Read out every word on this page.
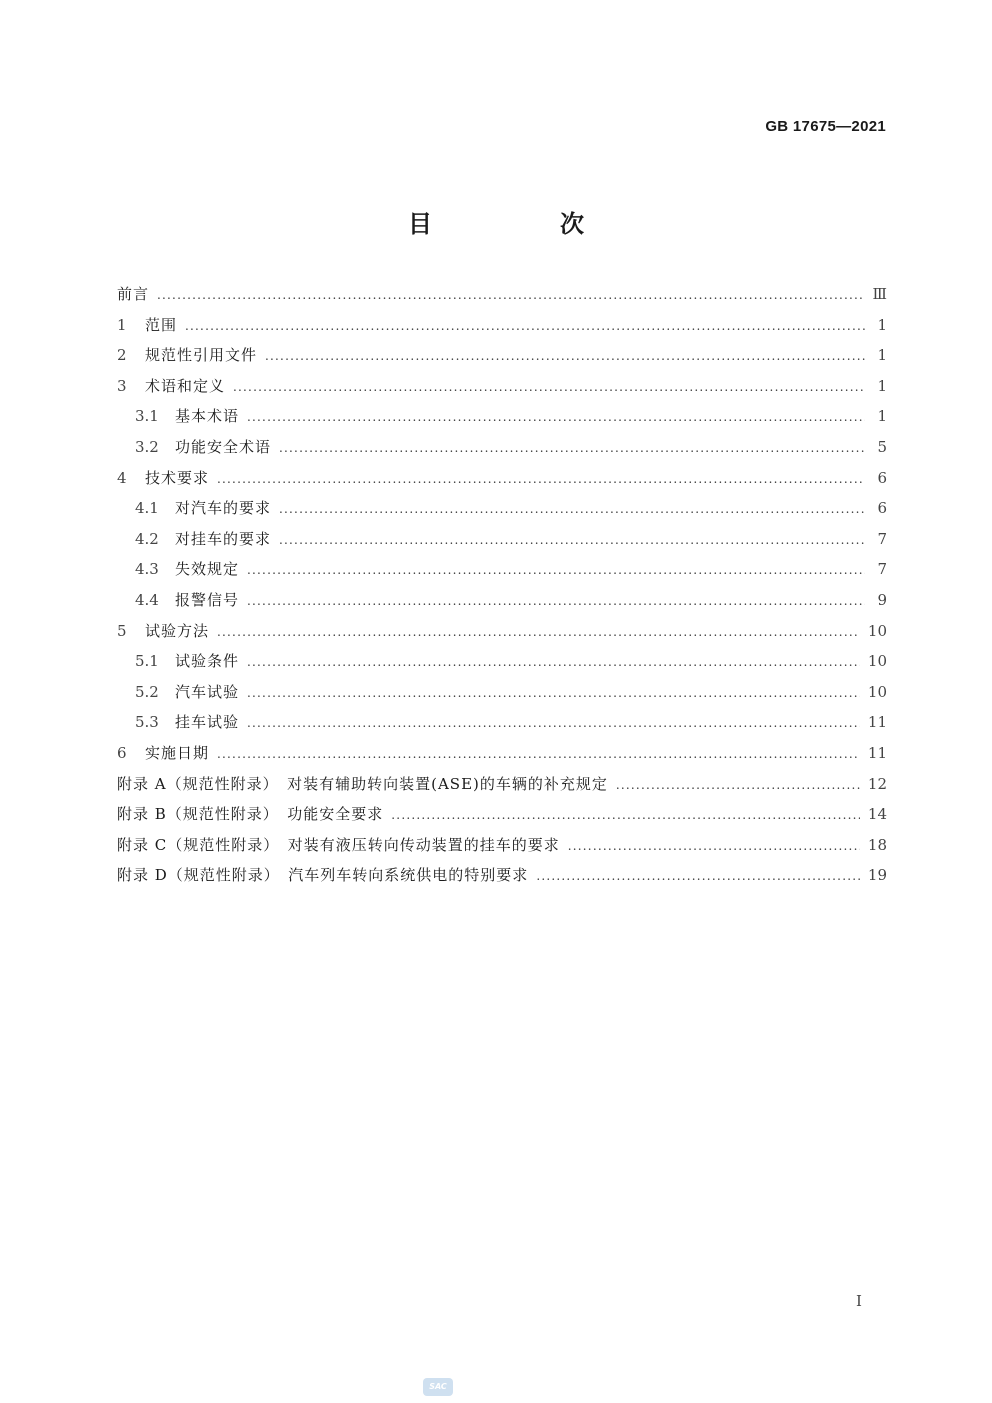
GB 17675—2021
目　次
前言 .....	Ⅲ
1	范围 .....	1
2	规范性引用文件 .....	1
3	术语和定义 .....	1
3.1	基本术语 .....	1
3.2	功能安全术语 .....	5
4	技术要求 .....	6
4.1	对汽车的要求 .....	6
4.2	对挂车的要求 .....	7
4.3	失效规定 .....	7
4.4	报警信号 .....	9
5	试验方法 .....	10
5.1	试验条件 .....	10
5.2	汽车试验 .....	10
5.3	挂车试验 .....	11
6	实施日期 .....	11
附录 A（规范性附录）　对装有辅助转向装置(ASE)的车辆的补充规定 .....	12
附录 B（规范性附录）　功能安全要求 .....	14
附录 C（规范性附录）　对装有液压转向传动装置的挂车的要求 .....	18
附录 D（规范性附录）　汽车列车转向系统供电的特别要求 .....	19
I
SAC
